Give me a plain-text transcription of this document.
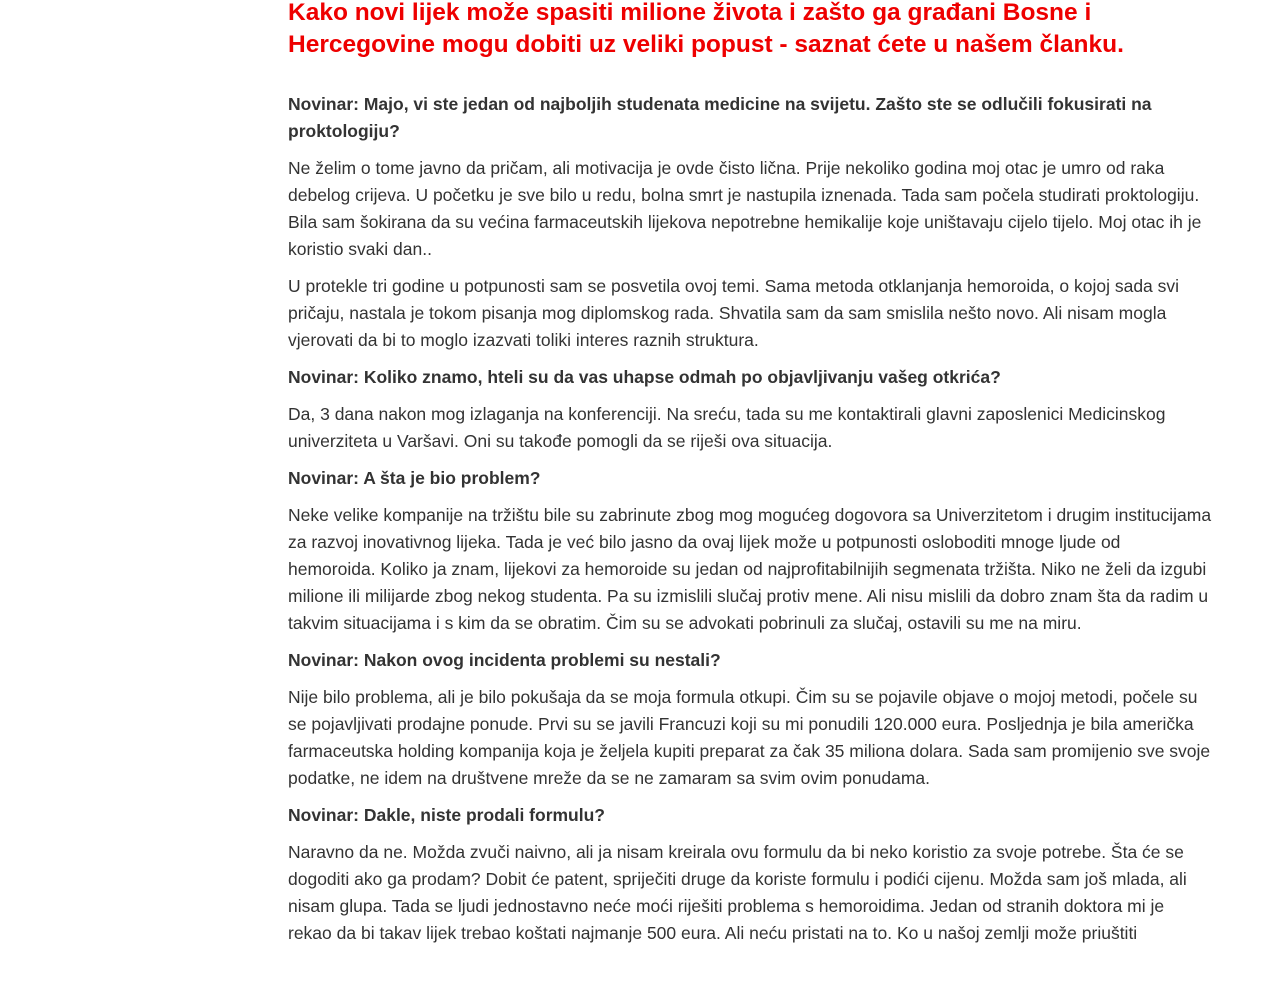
Kako novi lijek može spasiti milione života i zašto ga građani Bosne i Hercegovine mogu dobiti uz veliki popust - saznat ćete u našem članku.

Novinar: Majo, vi ste jedan od najboljih studenata medicine na svijetu. Zašto ste se odlučili fokusirati na proktologiju?

Ne želim o tome javno da pričam, ali motivacija je ovde čisto lična. Prije nekoliko godina moj otac je umro od raka debelog crijeva. U početku je sve bilo u redu, bolna smrt je nastupila iznenada. Tada sam počela studirati proktologiju. Bila sam šokirana da su većina farmaceutskih lijekova nepotrebne hemikalije koje uništavaju cijelo tijelo. Moj otac ih je koristio svaki dan..

U protekle tri godine u potpunosti sam se posvetila ovoj temi. Sama metoda otklanjanja hemoroida, o kojoj sada svi pričaju, nastala je tokom pisanja mog diplomskog rada. Shvatila sam da sam smislila nešto novo. Ali nisam mogla vjerovati da bi to moglo izazvati toliki interes raznih struktura.

Novinar: Koliko znamo, hteli su da vas uhapse odmah po objavljivanju vašeg otkrića?

Da, 3 dana nakon mog izlaganja na konferenciji. Na sreću, tada su me kontaktirali glavni zaposlenici Medicinskog univerziteta u Varšavi. Oni su takođe pomogli da se riješi ova situacija.

Novinar: A šta je bio problem?

Neke velike kompanije na tržištu bile su zabrinute zbog mog mogućeg dogovora sa Univerzitetom i drugim institucijama za razvoj inovativnog lijeka. Tada je već bilo jasno da ovaj lijek može u potpunosti osloboditi mnoge ljude od hemoroida. Koliko ja znam, lijekovi za hemoroide su jedan od najprofitabilnijih segmenata tržišta. Niko ne želi da izgubi milione ili milijarde zbog nekog studenta. Pa su izmislili slučaj protiv mene. Ali nisu mislili da dobro znam šta da radim u takvim situacijama i s kim da se obratim. Čim su se advokati pobrinuli za slučaj, ostavili su me na miru.

Novinar: Nakon ovog incidenta problemi su nestali?

Nije bilo problema, ali je bilo pokušaja da se moja formula otkupi. Čim su se pojavile objave o mojoj metodi, počele su se pojavljivati prodajne ponude. Prvi su se javili Francuzi koji su mi ponudili 120.000 eura. Posljednja je bila američka farmaceutska holding kompanija koja je željela kupiti preparat za čak 35 miliona dolara. Sada sam promijenio sve svoje podatke, ne idem na društvene mreže da se ne zamaram sa svim ovim ponudama.

Novinar: Dakle, niste prodali formulu?

Naravno da ne. Možda zvuči naivno, ali ja nisam kreirala ovu formulu da bi neko koristio za svoje potrebe. Šta će se dogoditi ako ga prodam? Dobit će patent, spriječiti druge da koriste formulu i podići cijenu. Možda sam još mlada, ali nisam glupa. Tada se ljudi jednostavno neće moći riješiti problema s hemoroidima. Jedan od stranih doktora mi je rekao da bi takav lijek trebao koštati najmanje 500 eura. Ali neću pristati na to. Ko u našoj zemlji može priuštiti
